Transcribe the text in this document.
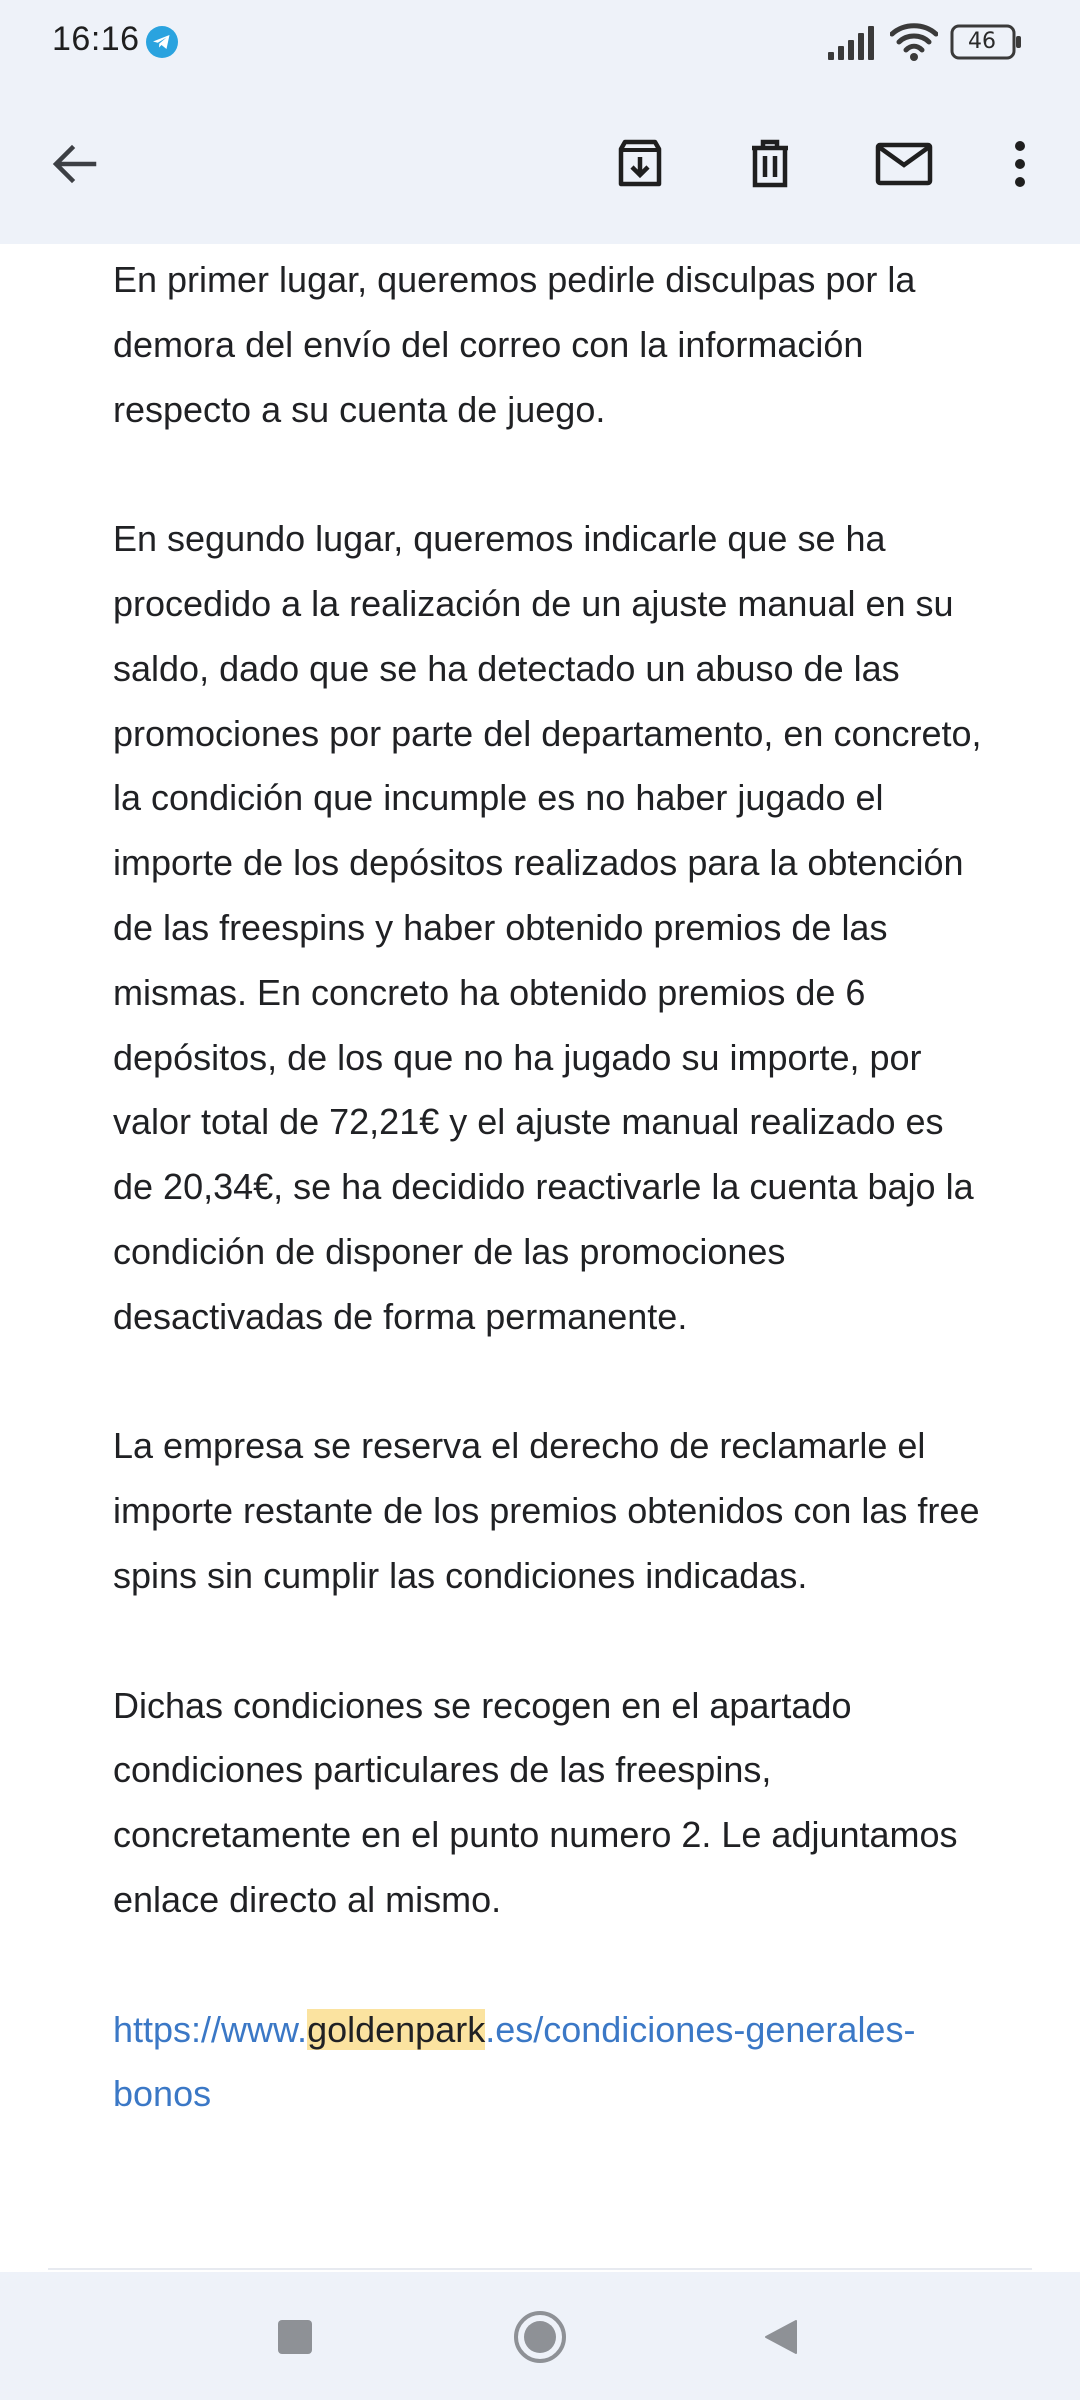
16:16	46

En primer lugar, queremos pedirle disculpas por la demora del envío del correo con la información respecto a su cuenta de juego.

En segundo lugar, queremos indicarle que se ha procedido a la realización de un ajuste manual en su saldo, dado que se ha detectado un abuso de las promociones por parte del departamento, en concreto, la condición que incumple es no haber jugado el importe de los depósitos realizados para la obtención de las freespins y haber obtenido premios de las mismas. En concreto ha obtenido premios de 6 depósitos, de los que no ha jugado su importe, por valor total de 72,21€ y el ajuste manual realizado es de 20,34€, se ha decidido reactivarle la cuenta bajo la condición de disponer de las promociones desactivadas de forma permanente.

La empresa se reserva el derecho de reclamarle el importe restante de los premios obtenidos con las free spins sin cumplir las condiciones indicadas.

Dichas condiciones se recogen en el apartado condiciones particulares de las freespins, concretamente en el punto numero 2. Le adjuntamos enlace directo al mismo.

https://www.goldenpark.es/condiciones-generales-bonos
